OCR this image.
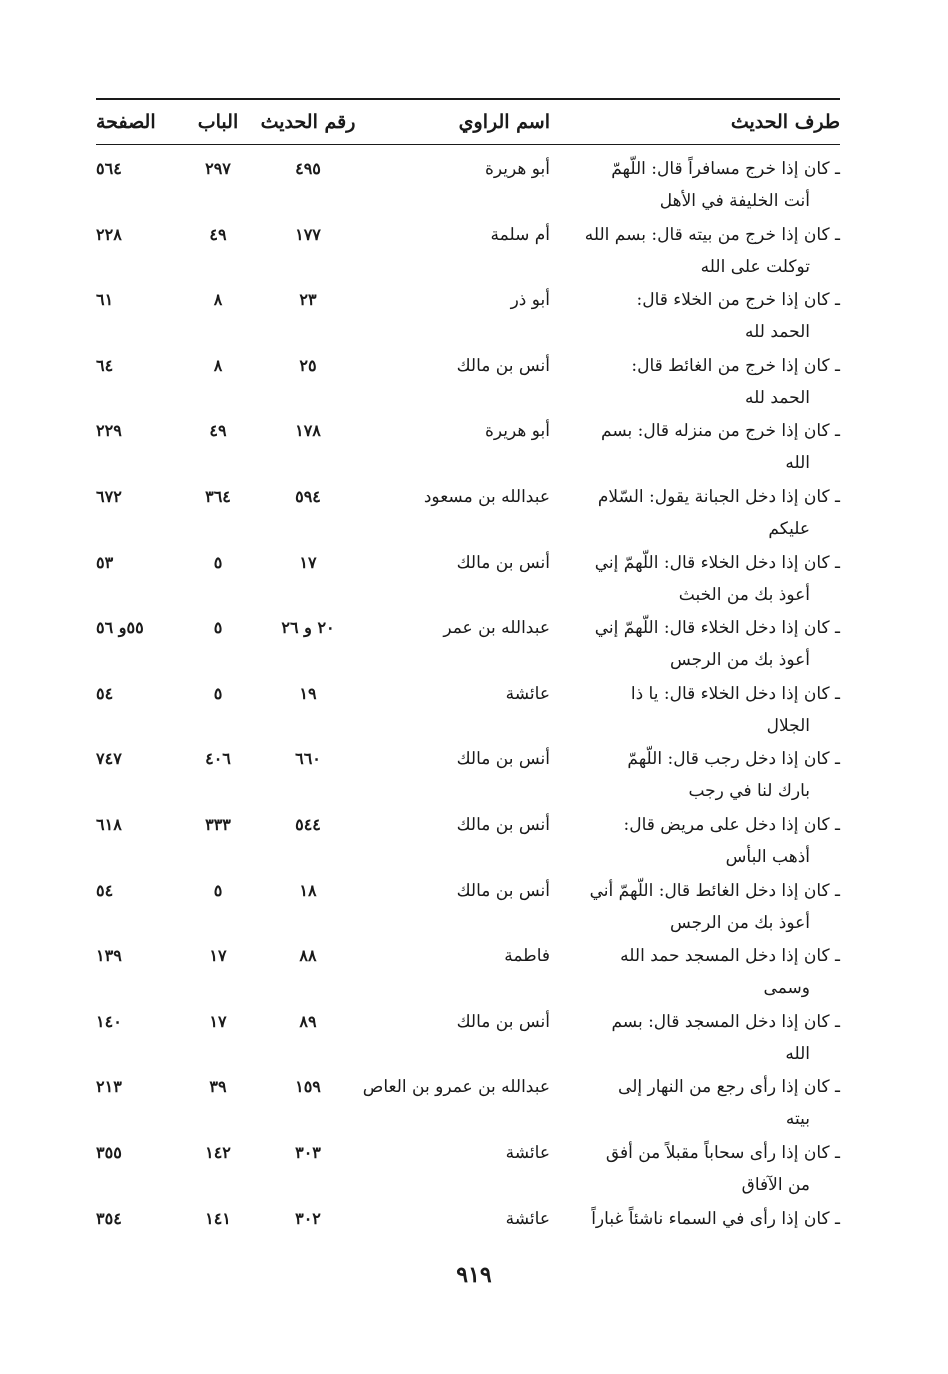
طرف الحديث
اسم الراوي
رقم الحديث
الباب
الصفحة
ـ كان إذا خرج مسافراً قال: اللّهمّ
أنت الخليفة في الأهل
أبو هريرة
٤٩٥
٢٩٧
٥٦٤
ـ كان إذا خرج من بيته قال: بسم الله
توكلت على الله
أم سلمة
١٧٧
٤٩
٢٢٨
ـ كان إذا خرج من الخلاء قال:
الحمد لله
أبو ذر
٢٣
٨
٦١
ـ كان إذا خرج من الغائط قال:
الحمد لله
أنس بن مالك
٢٥
٨
٦٤
ـ كان إذا خرج من منزله قال: بسم
الله
أبو هريرة
١٧٨
٤٩
٢٢٩
ـ كان إذا دخل الجبانة يقول: السّلام
عليكم
عبدالله بن مسعود
٥٩٤
٣٦٤
٦٧٢
ـ كان إذا دخل الخلاء قال: اللّهمّ إني
أعوذ بك من الخبث
أنس بن مالك
١٧
٥
٥٣
ـ كان إذا دخل الخلاء قال: اللّهمّ إني
أعوذ بك من الرجس
عبدالله بن عمر
٢٠ و ٢٦
٥
٥٥و ٥٦
ـ كان إذا دخل الخلاء قال: يا ذا
الجلال
عائشة
١٩
٥
٥٤
ـ كان إذا دخل رجب قال: اللّهمّ
بارك لنا في رجب
أنس بن مالك
٦٦٠
٤٠٦
٧٤٧
ـ كان إذا دخل على مريض قال:
أذهب البأس
أنس بن مالك
٥٤٤
٣٣٣
٦١٨
ـ كان إذا دخل الغائط قال: اللّهمّ أني
أعوذ بك من الرجس
أنس بن مالك
١٨
٥
٥٤
ـ كان إذا دخل المسجد حمد الله
وسمى
فاطمة
٨٨
١٧
١٣٩
ـ كان إذا دخل المسجد قال: بسم
الله
أنس بن مالك
٨٩
١٧
١٤٠
ـ كان إذا رأى رجع من النهار إلى
بيته
عبدالله بن عمرو بن العاص
١٥٩
٣٩
٢١٣
ـ كان إذا رأى سحاباً مقبلاً من أفق
من الآفاق
عائشة
٣٠٣
١٤٢
٣٥٥
ـ كان إذا رأى في السماء ناشئاً غباراً
عائشة
٣٠٢
١٤١
٣٥٤
٩١٩
